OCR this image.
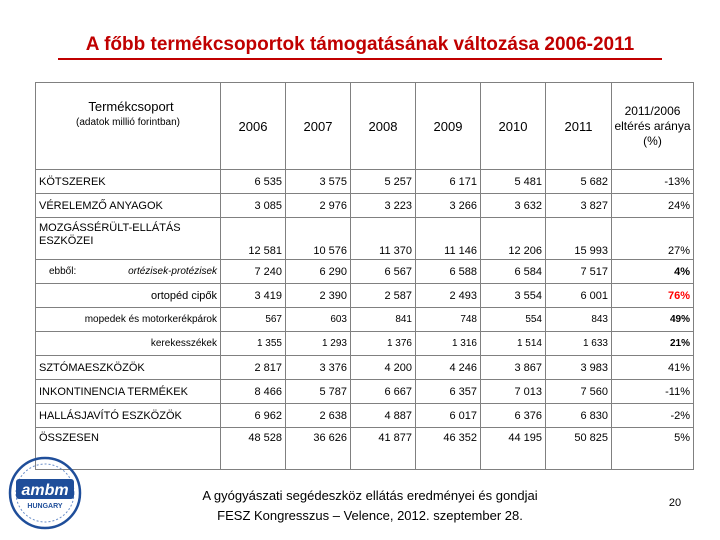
A főbb termékcsoportok támogatásának változása 2006-2011
Termékcsoport
(adatok millió forintban)	2006	2007	2008	2009	2010	2011	2011/2006 eltérés aránya (%)
KÖTSZEREK	6 535	3 575	5 257	6 171	5 481	5 682	-13%
VÉRELEMZŐ ANYAGOK	3 085	2 976	3 223	3 266	3 632	3 827	24%
MOZGÁSSÉRÜLT-ELLÁTÁS ESZKÖZEI	12 581	10 576	11 370	11 146	12 206	15 993	27%

ebből: ortézisek-protézisek	7 240	6 290	6 567	6 588	6 584	7 517	4%
ortopéd cipők	3 419	2 390	2 587	2 493	3 554	6 001	76%
mopedek és motorkerékpárok	567	603	841	748	554	843	49%
kerekesszékek	1 355	1 293	1 376	1 316	1 514	1 633	21%
SZTÓMAESZKÖZÖK	2 817	3 376	4 200	4 246	3 867	3 983	41%
INKONTINENCIA TERMÉKEK	8 466	5 787	6 667	6 357	7 013	7 560	-11%
HALLÁSJAVÍTÓ ESZKÖZÖK	6 962	2 638	4 887	6 017	6 376	6 830	-2%
ÖSSZESEN	48 528	36 626	41 877	46 352	44 195	50 825	5%
ambm
HUNGARY

A gyógyászati segédeszköz ellátás eredményei és gondjai
FESZ Kongresszus – Velence, 2012. szeptember 28.

20
